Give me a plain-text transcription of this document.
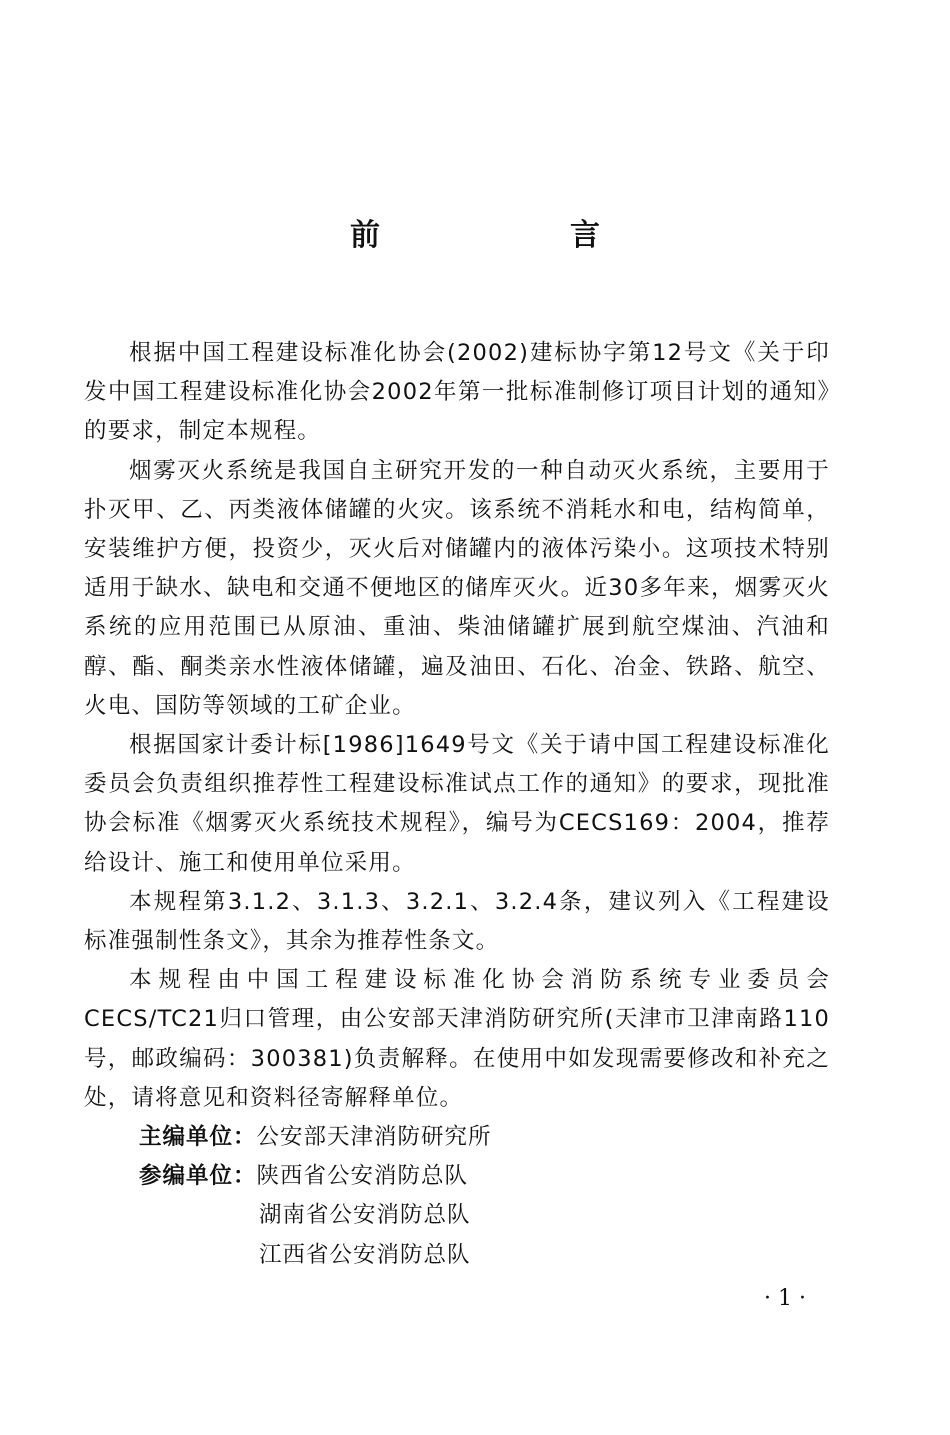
前　言

根据中国工程建设标准化协会(2002)建标协字第12号文《关于印发中国工程建设标准化协会2002年第一批标准制修订项目计划的通知》的要求，制定本规程。

烟雾灭火系统是我国自主研究开发的一种自动灭火系统，主要用于扑灭甲、乙、丙类液体储罐的火灾。该系统不消耗水和电，结构简单，安装维护方便，投资少，灭火后对储罐内的液体污染小。这项技术特别适用于缺水、缺电和交通不便地区的储库灭火。近30多年来，烟雾灭火系统的应用范围已从原油、重油、柴油储罐扩展到航空煤油、汽油和醇、酯、酮类亲水性液体储罐，遍及油田、石化、冶金、铁路、航空、火电、国防等领域的工矿企业。

根据国家计委计标[1986]1649号文《关于请中国工程建设标准化委员会负责组织推荐性工程建设标准试点工作的通知》的要求，现批准协会标准《烟雾灭火系统技术规程》，编号为CECS169：2004，推荐给设计、施工和使用单位采用。

本规程第3.1.2、3.1.3、3.2.1、3.2.4条，建议列入《工程建设标准强制性条文》，其余为推荐性条文。

本规程由中国工程建设标准化协会消防系统专业委员会CECS/TC21归口管理，由公安部天津消防研究所(天津市卫津南路110号，邮政编码：300381)负责解释。在使用中如发现需要修改和补充之处，请将意见和资料径寄解释单位。

主编单位：公安部天津消防研究所

参编单位：陕西省公安消防总队

湖南省公安消防总队

江西省公安消防总队

· 1 ·
